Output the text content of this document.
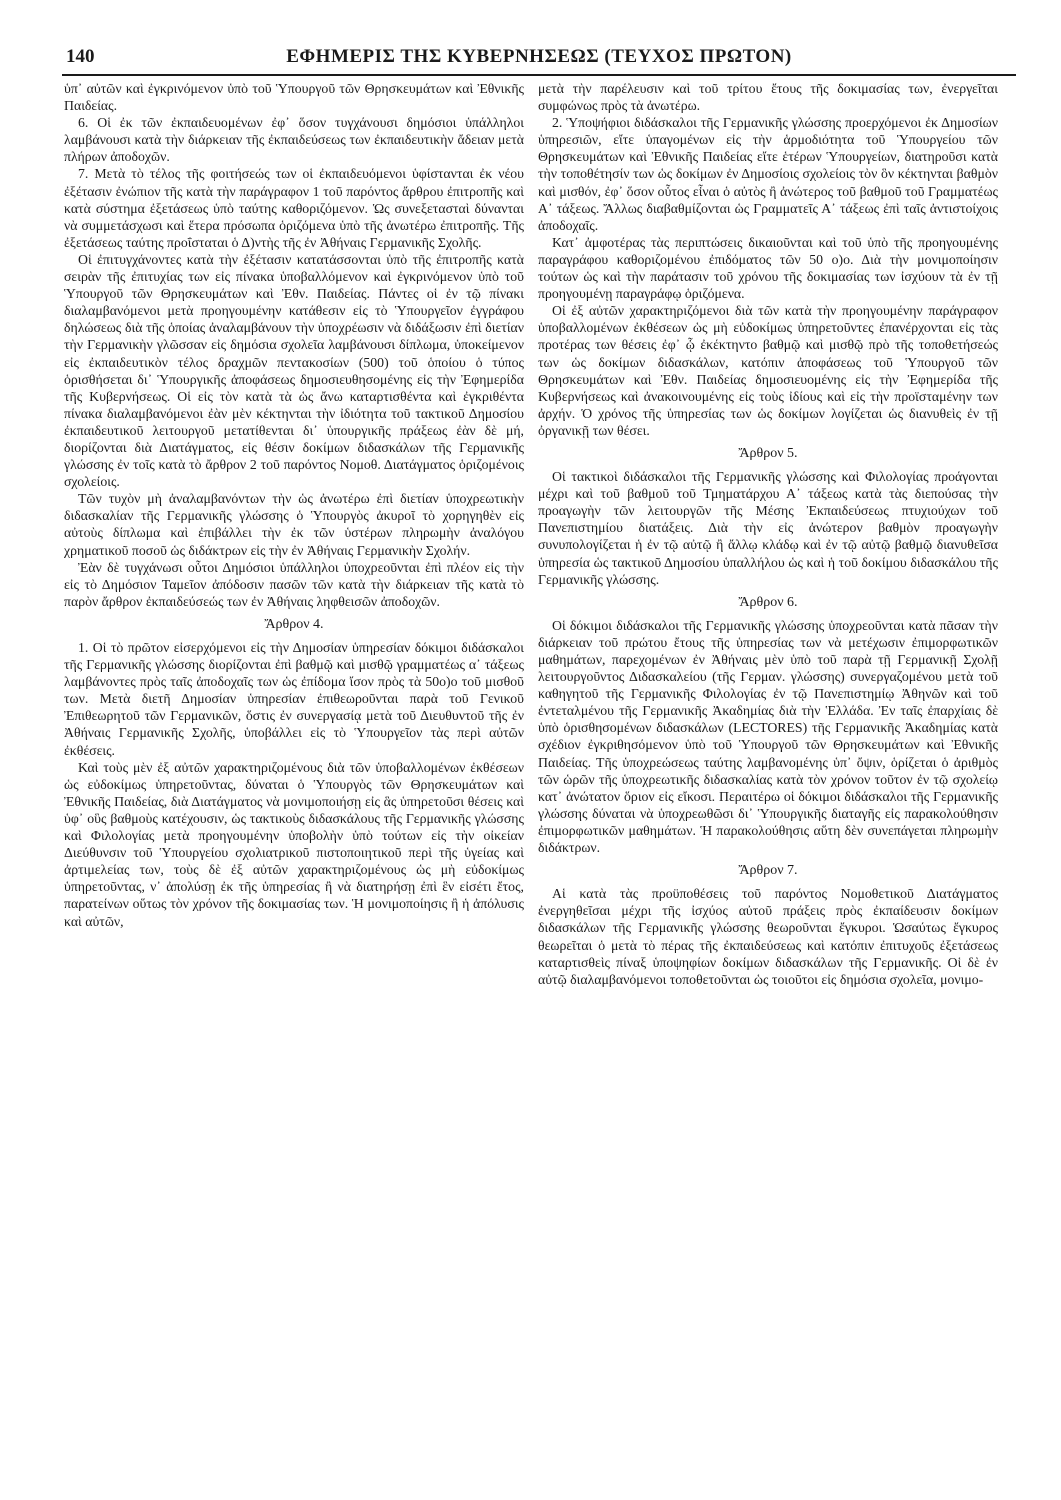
140	ΕΦΗΜΕΡΙΣ ΤΗΣ ΚΥΒΕΡΝΗΣΕΩΣ (ΤΕΥΧΟΣ ΠΡΩΤΟΝ)

ὑπ᾽ αὐτῶν καὶ ἐγκρινόμενον ὑπὸ τοῦ Ὑπουργοῦ τῶν Θρησκευμάτων καὶ Ἐθνικῆς Παιδείας.

6. Οἱ ἐκ τῶν ἐκπαιδευομένων ἐφ᾽ ὅσον τυγχάνουσι δημόσιοι ὑπάλληλοι λαμβάνουσι κατὰ τὴν διάρκειαν τῆς ἐκπαιδεύσεως των ἐκπαιδευτικὴν ἄδειαν μετὰ πλήρων ἀποδοχῶν.

7. Μετὰ τὸ τέλος τῆς φοιτήσεώς των οἱ ἐκπαιδευόμενοι ὑφίστανται ἐκ νέου ἐξέτασιν ἐνώπιον τῆς κατὰ τὴν παράγραφον 1 τοῦ παρόντος ἄρθρου ἐπιτροπῆς καὶ κατὰ σύστημα ἐξετάσεως ὑπὸ ταύτης καθοριζόμενον. Ὡς συνεξετασταὶ δύνανται νὰ συμμετάσχωσι καὶ ἕτερα πρόσωπα ὁριζόμενα ὑπὸ τῆς ἀνωτέρω ἐπιτροπῆς. Τῆς ἐξετάσεως ταύτης προΐσταται ὁ Δ)ντὴς τῆς ἐν Ἀθήναις Γερμανικῆς Σχολῆς.

Οἱ ἐπιτυγχάνοντες κατὰ τὴν ἐξέτασιν κατατάσσονται ὑπὸ τῆς ἐπιτροπῆς κατὰ σειρὰν τῆς ἐπιτυχίας των εἰς πίνακα ὑποβαλλόμενον καὶ ἐγκρινόμενον ὑπὸ τοῦ Ὑπουργοῦ τῶν Θρησκευμάτων καὶ Ἐθν. Παιδείας. Πάντες οἱ ἐν τῷ πίνακι διαλαμβανόμενοι μετὰ προηγουμένην κατάθεσιν εἰς τὸ Ὑπουργεῖον ἐγγράφου δηλώσεως διὰ τῆς ὁποίας ἀναλαμβάνουν τὴν ὑποχρέωσιν νὰ διδάξωσιν ἐπὶ διετίαν τὴν Γερμανικὴν γλῶσσαν εἰς δημόσια σχολεῖα λαμβάνουσι δίπλωμα, ὑποκείμενον εἰς ἐκπαιδευτικὸν τέλος δραχμῶν πεντακοσίων (500) τοῦ ὁποίου ὁ τύπος ὁρισθήσεται δι᾽ Ὑπουργικῆς ἀποφάσεως δημοσιευθησομένης εἰς τὴν Ἐφημερίδα τῆς Κυβερνήσεως. Οἱ εἰς τὸν κατὰ τὰ ὡς ἄνω καταρτισθέντα καὶ ἐγκριθέντα πίνακα διαλαμβανόμενοι ἐὰν μὲν κέκτηνται τὴν ἰδιότητα τοῦ τακτικοῦ Δημοσίου ἐκπαιδευτικοῦ λειτουργοῦ μετατίθενται δι᾽ ὑπουργικῆς πράξεως ἐὰν δὲ μή, διορίζονται διὰ Διατάγματος, εἰς θέσιν δοκίμων διδασκάλων τῆς Γερμανικῆς γλώσσης ἐν τοῖς κατὰ τὸ ἄρθρον 2 τοῦ παρόντος Νομοθ. Διατάγματος ὁριζομένοις σχολείοις.

Τῶν τυχὸν μὴ ἀναλαμβανόντων τὴν ὡς ἀνωτέρω ἐπὶ διετίαν ὑποχρεωτικὴν διδασκαλίαν τῆς Γερμανικῆς γλώσσης ὁ Ὑπουργὸς ἀκυροῖ τὸ χορηγηθὲν εἰς αὐτοὺς δίπλωμα καὶ ἐπιβάλλει τὴν ἐκ τῶν ὑστέρων πληρωμὴν ἀναλόγου χρηματικοῦ ποσοῦ ὡς διδάκτρων εἰς τὴν ἐν Ἀθήναις Γερμανικὴν Σχολήν.

Ἐὰν δὲ τυγχάνωσι οὗτοι Δημόσιοι ὑπάλληλοι ὑποχρεοῦνται ἐπὶ πλέον εἰς τὴν εἰς τὸ Δημόσιον Ταμεῖον ἀπόδοσιν πασῶν τῶν κατὰ τὴν διάρκειαν τῆς κατὰ τὸ παρὸν ἄρθρον ἐκπαιδεύσεώς των ἐν Ἀθήναις ληφθεισῶν ἀποδοχῶν.

Ἄρθρον 4.

1. Οἱ τὸ πρῶτον εἰσερχόμενοι εἰς τὴν Δημοσίαν ὑπηρεσίαν δόκιμοι διδάσκαλοι τῆς Γερμανικῆς γλώσσης διορίζονται ἐπὶ βαθμῷ καὶ μισθῷ γραμματέως α᾽ τάξεως λαμβάνοντες πρὸς ταῖς ἀποδοχαῖς των ὡς ἐπίδομα ἴσον πρὸς τὰ 50ο)ο τοῦ μισθοῦ των. Μετὰ διετῆ Δημοσίαν ὑπηρεσίαν ἐπιθεωροῦνται παρὰ τοῦ Γενικοῦ Ἐπιθεωρητοῦ τῶν Γερμανικῶν, ὅστις ἐν συνεργασίᾳ μετὰ τοῦ Διευθυντοῦ τῆς ἐν Ἀθήναις Γερμανικῆς Σχολῆς, ὑποβάλλει εἰς τὸ Ὑπουργεῖον τὰς περὶ αὐτῶν ἐκθέσεις.

Καὶ τοὺς μὲν ἐξ αὐτῶν χαρακτηριζομένους διὰ τῶν ὑποβαλλομένων ἐκθέσεων ὡς εὐδοκίμως ὑπηρετοῦντας, δύναται ὁ Ὑπουργὸς τῶν Θρησκευμάτων καὶ Ἐθνικῆς Παιδείας, διὰ Διατάγματος νὰ μονιμοποιήσῃ εἰς ἃς ὑπηρετοῦσι θέσεις καὶ ὑφ᾽ οὓς βαθμοὺς κατέχουσιν, ὡς τακτικοὺς διδασκάλους τῆς Γερμανικῆς γλώσσης καὶ Φιλολογίας μετὰ προηγουμένην ὑποβολὴν ὑπὸ τούτων εἰς τὴν οἰκείαν Διεύθυνσιν τοῦ Ὑπουργείου σχολιατρικοῦ πιστοποιητικοῦ περὶ τῆς ὑγείας καὶ ἀρτιμελείας των, τοὺς δὲ ἐξ αὐτῶν χαρακτηριζομένους ὡς μὴ εὐδοκίμως ὑπηρετοῦντας, ν᾽ ἀπολύσῃ ἐκ τῆς ὑπηρεσίας ἢ νὰ διατηρήσῃ ἐπὶ ἓν εἰσέτι ἔτος, παρατείνων οὕτως τὸν χρόνον τῆς δοκιμασίας των. Ἡ μονιμοποίησις ἢ ἡ ἀπόλυσις καὶ αὐτῶν,

μετὰ τὴν παρέλευσιν καὶ τοῦ τρίτου ἔτους τῆς δοκιμασίας των, ἐνεργεῖται συμφώνως πρὸς τὰ ἀνωτέρω.

2. Ὑποψήφιοι διδάσκαλοι τῆς Γερμανικῆς γλώσσης προερχόμενοι ἐκ Δημοσίων ὑπηρεσιῶν, εἴτε ὑπαγομένων εἰς τὴν ἁρμοδιότητα τοῦ Ὑπουργείου τῶν Θρησκευμάτων καὶ Ἐθνικῆς Παιδείας εἴτε ἑτέρων Ὑπουργείων, διατηροῦσι κατὰ τὴν τοποθέτησίν των ὡς δοκίμων ἐν Δημοσίοις σχολείοις τὸν ὃν κέκτηνται βαθμὸν καὶ μισθόν, ἐφ᾽ ὅσον οὗτος εἶναι ὁ αὐτὸς ἢ ἀνώτερος τοῦ βαθμοῦ τοῦ Γραμματέως Α᾽ τάξεως. Ἄλλως διαβαθμίζονται ὡς Γραμματεῖς Α᾽ τάξεως ἐπὶ ταῖς ἀντιστοίχοις ἀποδοχαῖς.

Κατ᾽ ἀμφοτέρας τὰς περιπτώσεις δικαιοῦνται καὶ τοῦ ὑπὸ τῆς προηγουμένης παραγράφου καθοριζομένου ἐπιδόματος τῶν 50 ο)ο. Διὰ τὴν μονιμοποίησιν τούτων ὡς καὶ τὴν παράτασιν τοῦ χρόνου τῆς δοκιμασίας των ἰσχύουν τὰ ἐν τῇ προηγουμένῃ παραγράφῳ ὁριζόμενα.

Οἱ ἐξ αὐτῶν χαρακτηριζόμενοι διὰ τῶν κατὰ τὴν προηγουμένην παράγραφον ὑποβαλλομένων ἐκθέσεων ὡς μὴ εὐδοκίμως ὑπηρετοῦντες ἐπανέρχονται εἰς τὰς προτέρας των θέσεις ἐφ᾽ ᾧ ἐκέκτηντο βαθμῷ καὶ μισθῷ πρὸ τῆς τοποθετήσεώς των ὡς δοκίμων διδασκάλων, κατόπιν ἀποφάσεως τοῦ Ὑπουργοῦ τῶν Θρησκευμάτων καὶ Ἐθν. Παιδείας δημοσιευομένης εἰς τὴν Ἐφημερίδα τῆς Κυβερνήσεως καὶ ἀνακοινουμένης εἰς τοὺς ἰδίους καὶ εἰς τὴν προϊσταμένην των ἀρχήν. Ὁ χρόνος τῆς ὑπηρεσίας των ὡς δοκίμων λογίζεται ὡς διανυθεὶς ἐν τῇ ὀργανικῇ των θέσει.

Ἄρθρον 5.

Οἱ τακτικοὶ διδάσκαλοι τῆς Γερμανικῆς γλώσσης καὶ Φιλολογίας προάγονται μέχρι καὶ τοῦ βαθμοῦ τοῦ Τμηματάρχου Α᾽ τάξεως κατὰ τὰς διεπούσας τὴν προαγωγὴν τῶν λειτουργῶν τῆς Μέσης Ἐκπαιδεύσεως πτυχιούχων τοῦ Πανεπιστημίου διατάξεις. Διὰ τὴν εἰς ἀνώτερον βαθμὸν προαγωγὴν συνυπολογίζεται ἡ ἐν τῷ αὐτῷ ἢ ἄλλῳ κλάδῳ καὶ ἐν τῷ αὐτῷ βαθμῷ διανυθεῖσα ὑπηρεσία ὡς τακτικοῦ Δημοσίου ὑπαλλήλου ὡς καὶ ἡ τοῦ δοκίμου διδασκάλου τῆς Γερμανικῆς γλώσσης.

Ἄρθρον 6.

Οἱ δόκιμοι διδάσκαλοι τῆς Γερμανικῆς γλώσσης ὑποχρεοῦνται κατὰ πᾶσαν τὴν διάρκειαν τοῦ πρώτου ἔτους τῆς ὑπηρεσίας των νὰ μετέχωσιν ἐπιμορφωτικῶν μαθημάτων, παρεχομένων ἐν Ἀθήναις μὲν ὑπὸ τοῦ παρὰ τῇ Γερμανικῇ Σχολῇ λειτουργοῦντος Διδασκαλείου (τῆς Γερμαν. γλώσσης) συνεργαζομένου μετὰ τοῦ καθηγητοῦ τῆς Γερμανικῆς Φιλολογίας ἐν τῷ Πανεπιστημίῳ Ἀθηνῶν καὶ τοῦ ἐντεταλμένου τῆς Γερμανικῆς Ἀκαδημίας διὰ τὴν Ἑλλάδα. Ἐν ταῖς ἐπαρχίαις δὲ ὑπὸ ὁρισθησομένων διδασκάλων (LECTORES) τῆς Γερμανικῆς Ἀκαδημίας κατὰ σχέδιον ἐγκριθησόμενον ὑπὸ τοῦ Ὑπουργοῦ τῶν Θρησκευμάτων καὶ Ἐθνικῆς Παιδείας. Τῆς ὑποχρεώσεως ταύτης λαμβανομένης ὑπ᾽ ὄψιν, ὁρίζεται ὁ ἀριθμὸς τῶν ὡρῶν τῆς ὑποχρεωτικῆς διδασκαλίας κατὰ τὸν χρόνον τοῦτον ἐν τῷ σχολείῳ κατ᾽ ἀνώτατον ὅριον εἰς εἴκοσι. Περαιτέρω οἱ δόκιμοι διδάσκαλοι τῆς Γερμανικῆς γλώσσης δύναται νὰ ὑποχρεωθῶσι δι᾽ Ὑπουργικῆς διαταγῆς εἰς παρακολούθησιν ἐπιμορφωτικῶν μαθημάτων. Ἡ παρακολούθησις αὕτη δὲν συνεπάγεται πληρωμὴν διδάκτρων.

Ἄρθρον 7.

Αἱ κατὰ τὰς προϋποθέσεις τοῦ παρόντος Νομοθετικοῦ Διατάγματος ἐνεργηθεῖσαι μέχρι τῆς ἰσχύος αὐτοῦ πράξεις πρὸς ἐκπαίδευσιν δοκίμων διδασκάλων τῆς Γερμανικῆς γλώσσης θεωροῦνται ἔγκυροι. Ὡσαύτως ἔγκυρος θεωρεῖται ὁ μετὰ τὸ πέρας τῆς ἐκπαιδεύσεως καὶ κατόπιν ἐπιτυχοῦς ἐξετάσεως καταρτισθεὶς πίναξ ὑποψηφίων δοκίμων διδασκάλων τῆς Γερμανικῆς. Οἱ δὲ ἐν αὐτῷ διαλαμβανόμενοι τοποθετοῦνται ὡς τοιοῦτοι εἰς δημόσια σχολεῖα, μονιμο-
